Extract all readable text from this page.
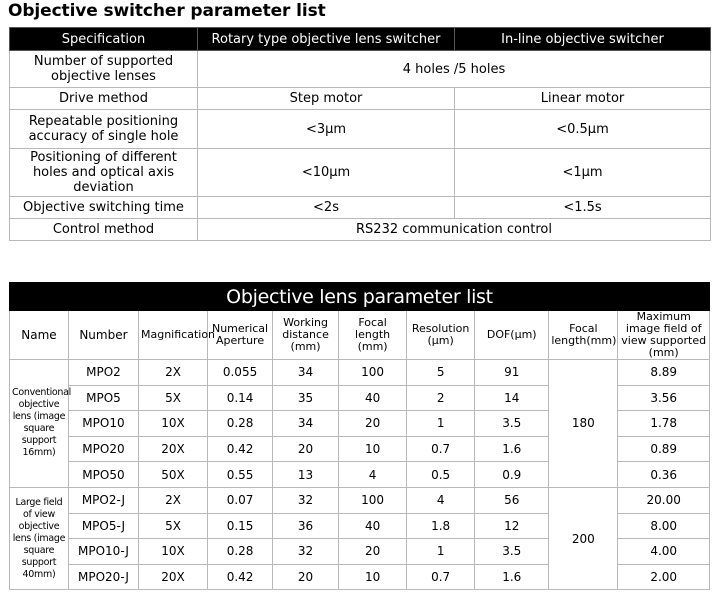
Objective switcher parameter list
Specification	Rotary type objective lens switcher	In-line objective switcher
Number of supported objective lenses	4 holes /5 holes	
Drive method	Step motor	Linear motor
Repeatable positioning accuracy of single hole	<3μm	<0.5μm
Positioning of different holes and optical axis deviation	<10μm	<1μm
Objective switching time	<2s	<1.5s
Control method	RS232 communication control	
Objective lens parameter list									
Name	Number	Magnification	Numerical Aperture	Working distance (mm)	Focal length (mm)	Resolution (μm)	DOF(μm)	Focal length(mm)	Maximum image field of view supported (mm)
Conventional objective lens (image square support 16mm)	MPO2	2X	0.055	34	100	5	91	180	8.89
	MPO5	5X	0.14	35	40	2	14		3.56
	MPO10	10X	0.28	34	20	1	3.5		1.78
	MPO20	20X	0.42	20	10	0.7	1.6		0.89
	MPO50	50X	0.55	13	4	0.5	0.9		0.36
Large field of view objective lens (image square support 40mm)	MPO2-J	2X	0.07	32	100	4	56	200	20.00
	MPO5-J	5X	0.15	36	40	1.8	12		8.00
	MPO10-J	10X	0.28	32	20	1	3.5		4.00
	MPO20-J	20X	0.42	20	10	0.7	1.6		2.00
